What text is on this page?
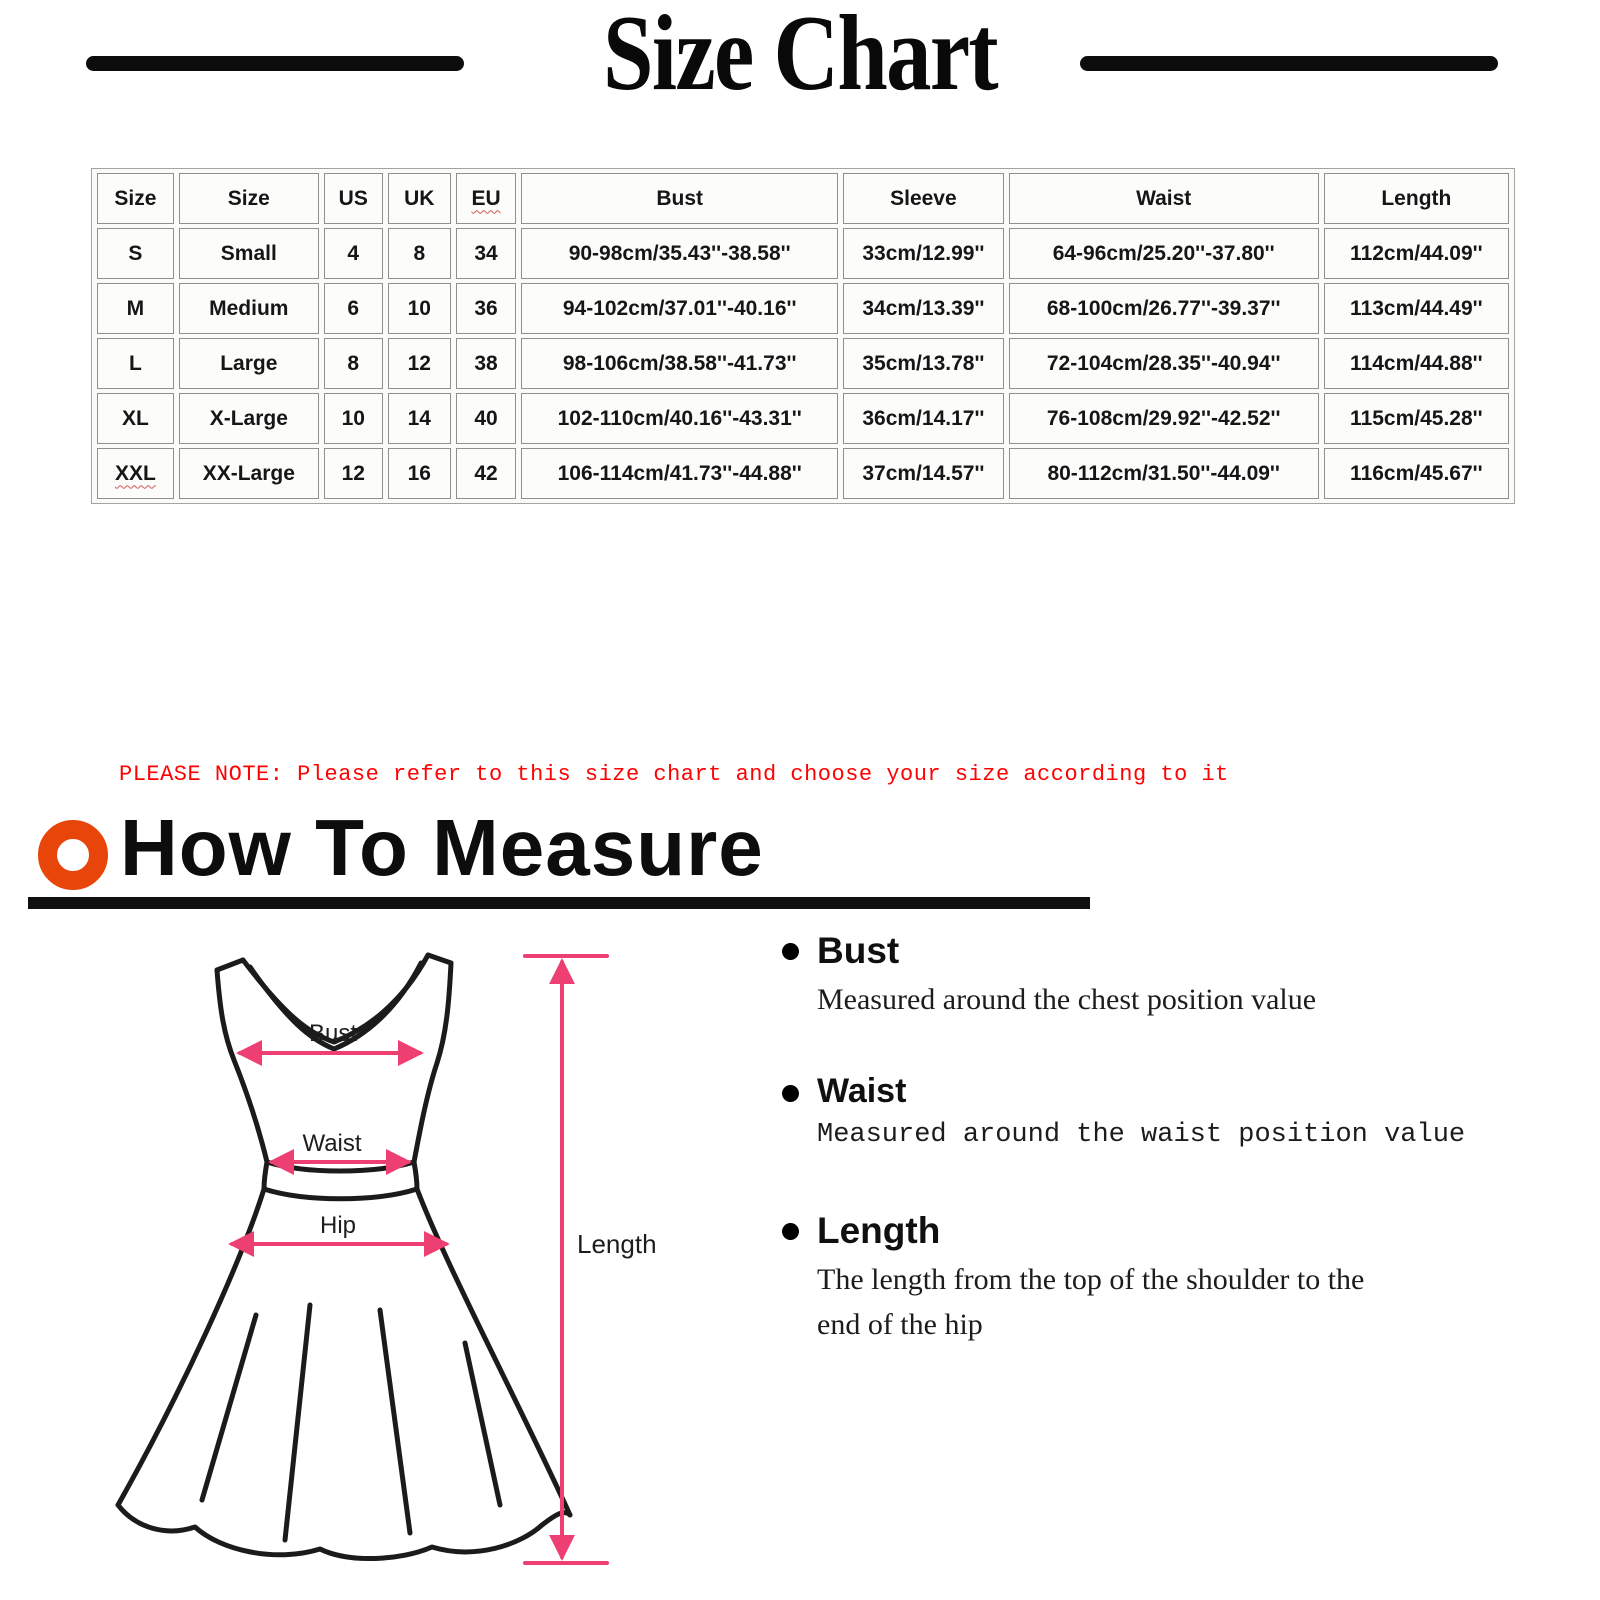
Size Chart
Size	Size	US	UK	EU	Bust	Sleeve	Waist	Length
S	Small	4	8	34	90-98cm/35.43''-38.58''	33cm/12.99''	64-96cm/25.20''-37.80''	112cm/44.09''
M	Medium	6	10	36	94-102cm/37.01''-40.16''	34cm/13.39''	68-100cm/26.77''-39.37''	113cm/44.49''
L	Large	8	12	38	98-106cm/38.58''-41.73''	35cm/13.78''	72-104cm/28.35''-40.94''	114cm/44.88''
XL	X-Large	10	14	40	102-110cm/40.16''-43.31''	36cm/14.17''	76-108cm/29.92''-42.52''	115cm/45.28''
XXL	XX-Large	12	16	42	106-114cm/41.73''-44.88''	37cm/14.57''	80-112cm/31.50''-44.09''	116cm/45.67''
PLEASE NOTE: Please refer to this size chart and choose your size according to it
How To Measure
Bust
Waist
Hip
Length
Bust
Measured around the chest position value
Waist
Measured around the waist position value
Length
The length from the top of the shoulder to the end of the hip
